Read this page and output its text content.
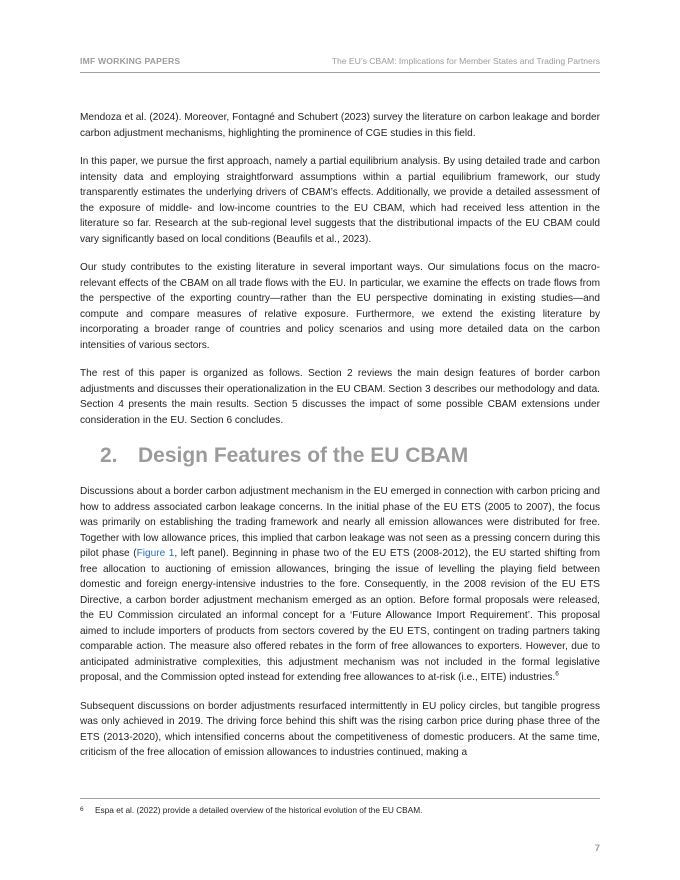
IMF WORKING PAPERS	The EU’s CBAM: Implications for Member States and Trading Partners

Mendoza et al. (2024). Moreover, Fontagné and Schubert (2023) survey the literature on carbon leakage and border carbon adjustment mechanisms, highlighting the prominence of CGE studies in this field.

In this paper, we pursue the first approach, namely a partial equilibrium analysis. By using detailed trade and carbon intensity data and employing straightforward assumptions within a partial equilibrium framework, our study transparently estimates the underlying drivers of CBAM’s effects. Additionally, we provide a detailed assessment of the exposure of middle- and low-income countries to the EU CBAM, which had received less attention in the literature so far. Research at the sub-regional level suggests that the distributional impacts of the EU CBAM could vary significantly based on local conditions (Beaufils et al., 2023).

Our study contributes to the existing literature in several important ways. Our simulations focus on the macro-relevant effects of the CBAM on all trade flows with the EU. In particular, we examine the effects on trade flows from the perspective of the exporting country—rather than the EU perspective dominating in existing studies—and compute and compare measures of relative exposure. Furthermore, we extend the existing literature by incorporating a broader range of countries and policy scenarios and using more detailed data on the carbon intensities of various sectors.

The rest of this paper is organized as follows. Section 2 reviews the main design features of border carbon adjustments and discusses their operationalization in the EU CBAM. Section 3 describes our methodology and data. Section 4 presents the main results. Section 5 discusses the impact of some possible CBAM extensions under consideration in the EU. Section 6 concludes.

2. Design Features of the EU CBAM

Discussions about a border carbon adjustment mechanism in the EU emerged in connection with carbon pricing and how to address associated carbon leakage concerns. In the initial phase of the EU ETS (2005 to 2007), the focus was primarily on establishing the trading framework and nearly all emission allowances were distributed for free. Together with low allowance prices, this implied that carbon leakage was not seen as a pressing concern during this pilot phase (Figure 1, left panel). Beginning in phase two of the EU ETS (2008-2012), the EU started shifting from free allocation to auctioning of emission allowances, bringing the issue of levelling the playing field between domestic and foreign energy-intensive industries to the fore. Consequently, in the 2008 revision of the EU ETS Directive, a carbon border adjustment mechanism emerged as an option. Before formal proposals were released, the EU Commission circulated an informal concept for a ‘Future Allowance Import Requirement’. This proposal aimed to include importers of products from sectors covered by the EU ETS, contingent on trading partners taking comparable action. The measure also offered rebates in the form of free allowances to exporters. However, due to anticipated administrative complexities, this adjustment mechanism was not included in the formal legislative proposal, and the Commission opted instead for extending free allowances to at-risk (i.e., EITE) industries.$^6$

Subsequent discussions on border adjustments resurfaced intermittently in EU policy circles, but tangible progress was only achieved in 2019. The driving force behind this shift was the rising carbon price during phase three of the ETS (2013-2020), which intensified concerns about the competitiveness of domestic producers. At the same time, criticism of the free allocation of emission allowances to industries continued, making a

6 Espa et al. (2022) provide a detailed overview of the historical evolution of the EU CBAM.
7
